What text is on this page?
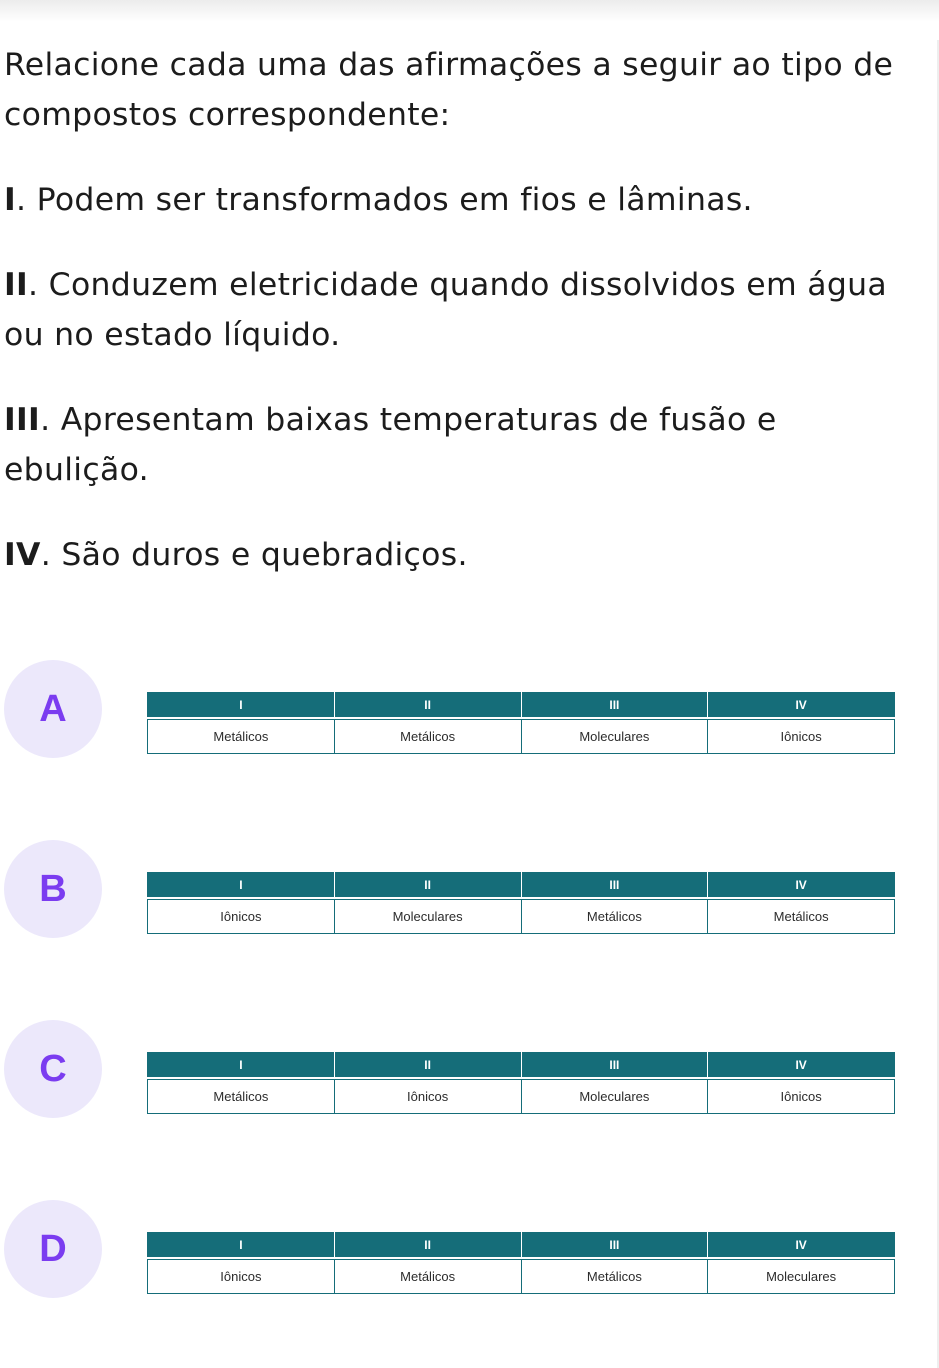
Relacione cada uma das afirmações a seguir ao tipo de compostos correspondente:

I. Podem ser transformados em fios e lâminas.

II. Conduzem eletricidade quando dissolvidos em água ou no estado líquido.

III. Apresentam baixas temperaturas de fusão e ebulição.

IV. São duros e quebradiços.

A	I	II	III	IV

Metálicos	Metálicos	Moleculares	Iônicos
B	I	II	III	IV

Iônicos	Moleculares	Metálicos	Metálicos
C	I	II	III	IV

Metálicos	Iônicos	Moleculares	Iônicos
D	I	II	III	IV

Iônicos	Metálicos	Metálicos	Moleculares
